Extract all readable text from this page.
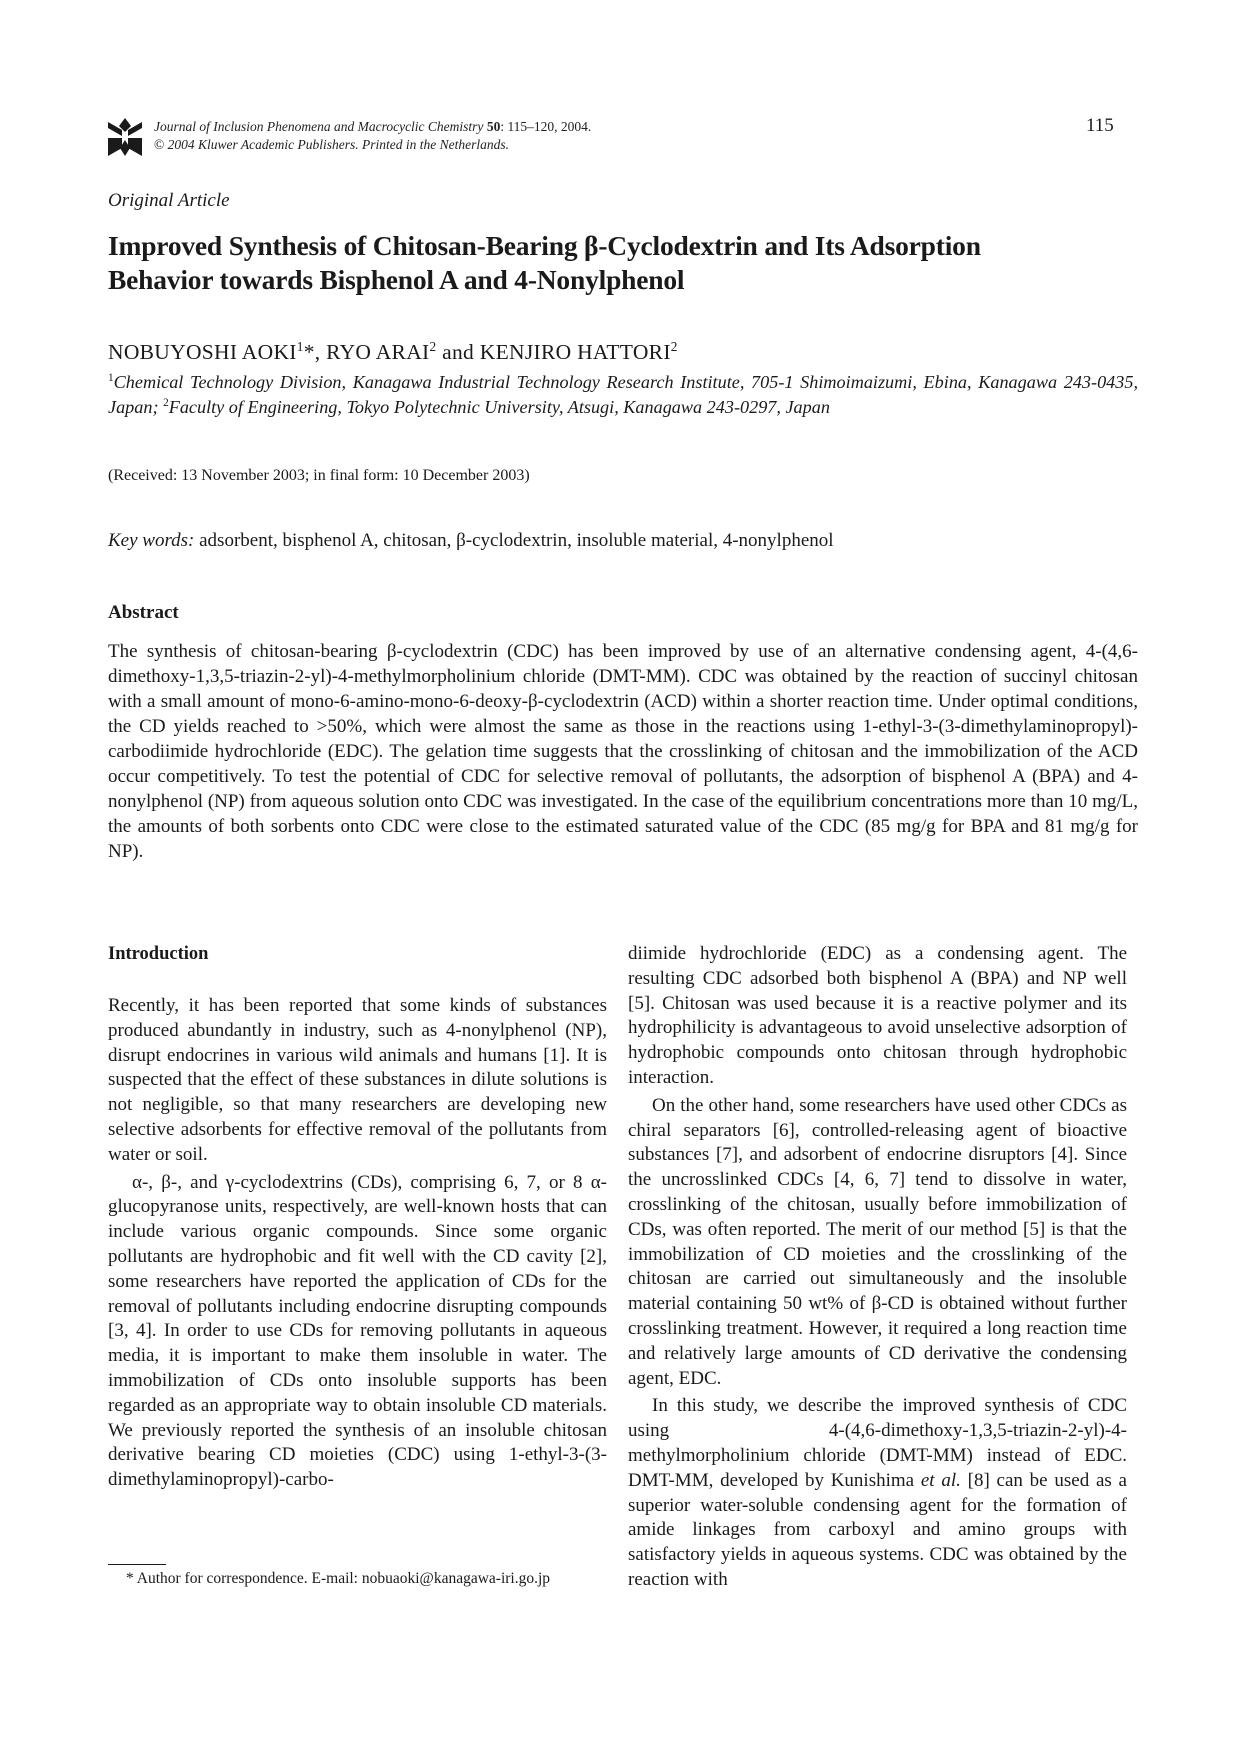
Journal of Inclusion Phenomena and Macrocyclic Chemistry 50: 115–120, 2004.
© 2004 Kluwer Academic Publishers. Printed in the Netherlands.
115
Original Article
Improved Synthesis of Chitosan-Bearing β-Cyclodextrin and Its Adsorption
Behavior towards Bisphenol A and 4-Nonylphenol
NOBUYOSHI AOKI$^1$*, RYO ARAI$^2$ and KENJIRO HATTORI$^2$
$^1$Chemical Technology Division, Kanagawa Industrial Technology Research Institute, 705-1 Shimoimaizumi, Ebina, Kanagawa 243-0435, Japan; $^2$Faculty of Engineering, Tokyo Polytechnic University, Atsugi, Kanagawa 243-0297, Japan
(Received: 13 November 2003; in final form: 10 December 2003)
Key words: adsorbent, bisphenol A, chitosan, β-cyclodextrin, insoluble material, 4-nonylphenol
Abstract
The synthesis of chitosan-bearing β-cyclodextrin (CDC) has been improved by use of an alternative condensing agent, 4-(4,6-dimethoxy-1,3,5-triazin-2-yl)-4-methylmorpholinium chloride (DMT-MM). CDC was obtained by the reaction of succinyl chitosan with a small amount of mono-6-amino-mono-6-deoxy-β-cyclodextrin (ACD) within a shorter reaction time. Under optimal conditions, the CD yields reached to >50%, which were almost the same as those in the reactions using 1-ethyl-3-(3-dimethylaminopropyl)-carbodiimide hydrochloride (EDC). The gelation time suggests that the crosslinking of chitosan and the immobilization of the ACD occur competitively. To test the potential of CDC for selective removal of pollutants, the adsorption of bisphenol A (BPA) and 4-nonylphenol (NP) from aqueous solution onto CDC was investigated. In the case of the equilibrium concentrations more than 10 mg/L, the amounts of both sorbents onto CDC were close to the estimated saturated value of the CDC (85 mg/g for BPA and 81 mg/g for NP).
Introduction

Recently, it has been reported that some kinds of substances produced abundantly in industry, such as 4-nonylphenol (NP), disrupt endocrines in various wild animals and humans [1]. It is suspected that the effect of these substances in dilute solutions is not negligible, so that many researchers are developing new selective adsorbents for effective removal of the pollutants from water or soil.

α-, β-, and γ-cyclodextrins (CDs), comprising 6, 7, or 8 α-glucopyranose units, respectively, are well-known hosts that can include various organic compounds. Since some organic pollutants are hydrophobic and fit well with the CD cavity [2], some researchers have reported the application of CDs for the removal of pollutants including endocrine disrupting compounds [3, 4]. In order to use CDs for removing pollutants in aqueous media, it is important to make them insoluble in water. The immobilization of CDs onto insoluble supports has been regarded as an appropriate way to obtain insoluble CD materials. We previously reported the synthesis of an insoluble chitosan derivative bearing CD moieties (CDC) using 1-ethyl-3-(3-dimethylaminopropyl)-carbo-

diimide hydrochloride (EDC) as a condensing agent. The resulting CDC adsorbed both bisphenol A (BPA) and NP well [5]. Chitosan was used because it is a reactive polymer and its hydrophilicity is advantageous to avoid unselective adsorption of hydrophobic compounds onto chitosan through hydrophobic interaction.

On the other hand, some researchers have used other CDCs as chiral separators [6], controlled-releasing agent of bioactive substances [7], and adsorbent of endocrine disruptors [4]. Since the uncrosslinked CDCs [4, 6, 7] tend to dissolve in water, crosslinking of the chitosan, usually before immobilization of CDs, was often reported. The merit of our method [5] is that the immobilization of CD moieties and the crosslinking of the chitosan are carried out simultaneously and the insoluble material containing 50 wt% of β-CD is obtained without further crosslinking treatment. However, it required a long reaction time and relatively large amounts of CD derivative the condensing agent, EDC.

In this study, we describe the improved synthesis of CDC using 4-(4,6-dimethoxy-1,3,5-triazin-2-yl)-4-methylmorpholinium chloride (DMT-MM) instead of EDC. DMT-MM, developed by Kunishima et al. [8] can be used as a superior water-soluble condensing agent for the formation of amide linkages from carboxyl and amino groups with satisfactory yields in aqueous systems. CDC was obtained by the reaction with

* Author for correspondence. E-mail: nobuaoki@kanagawa-iri.go.jp
